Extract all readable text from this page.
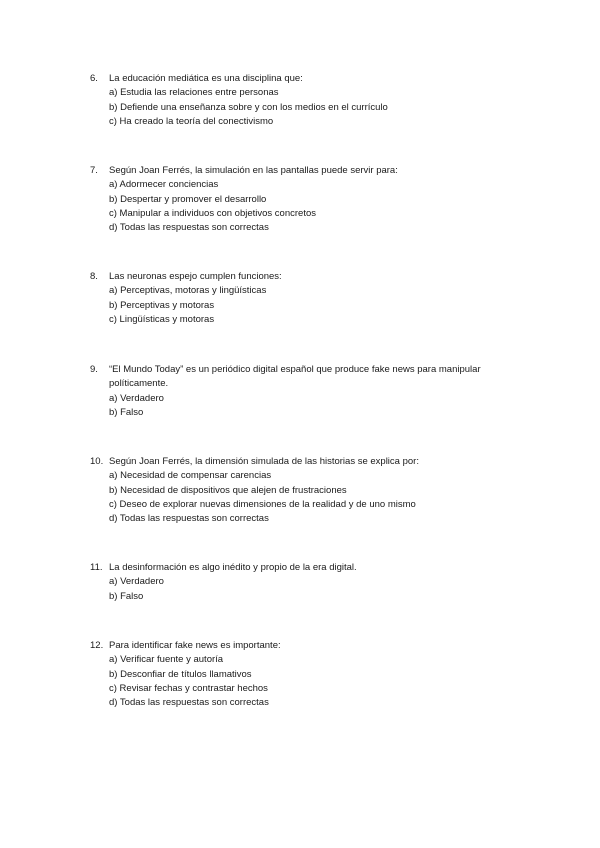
6. La educación mediática es una disciplina que:
a) Estudia las relaciones entre personas
b) Defiende una enseñanza sobre y con los medios en el currículo
c) Ha creado la teoría del conectivismo
7. Según Joan Ferrés, la simulación en las pantallas puede servir para:
a) Adormecer conciencias
b) Despertar y promover el desarrollo
c) Manipular a individuos con objetivos concretos
d) Todas las respuestas son correctas
8. Las neuronas espejo cumplen funciones:
a) Perceptivas, motoras y lingüísticas
b) Perceptivas y motoras
c) Lingüísticas y motoras
9. “El Mundo Today” es un periódico digital español que produce fake news para manipular políticamente.
a) Verdadero
b) Falso
10. Según Joan Ferrés, la dimensión simulada de las historias se explica por:
a) Necesidad de compensar carencias
b) Necesidad de dispositivos que alejen de frustraciones
c) Deseo de explorar nuevas dimensiones de la realidad y de uno mismo
d) Todas las respuestas son correctas
11. La desinformación es algo inédito y propio de la era digital.
a) Verdadero
b) Falso
12. Para identificar fake news es importante:
a) Verificar fuente y autoría
b) Desconfiar de títulos llamativos
c) Revisar fechas y contrastar hechos
d) Todas las respuestas son correctas
